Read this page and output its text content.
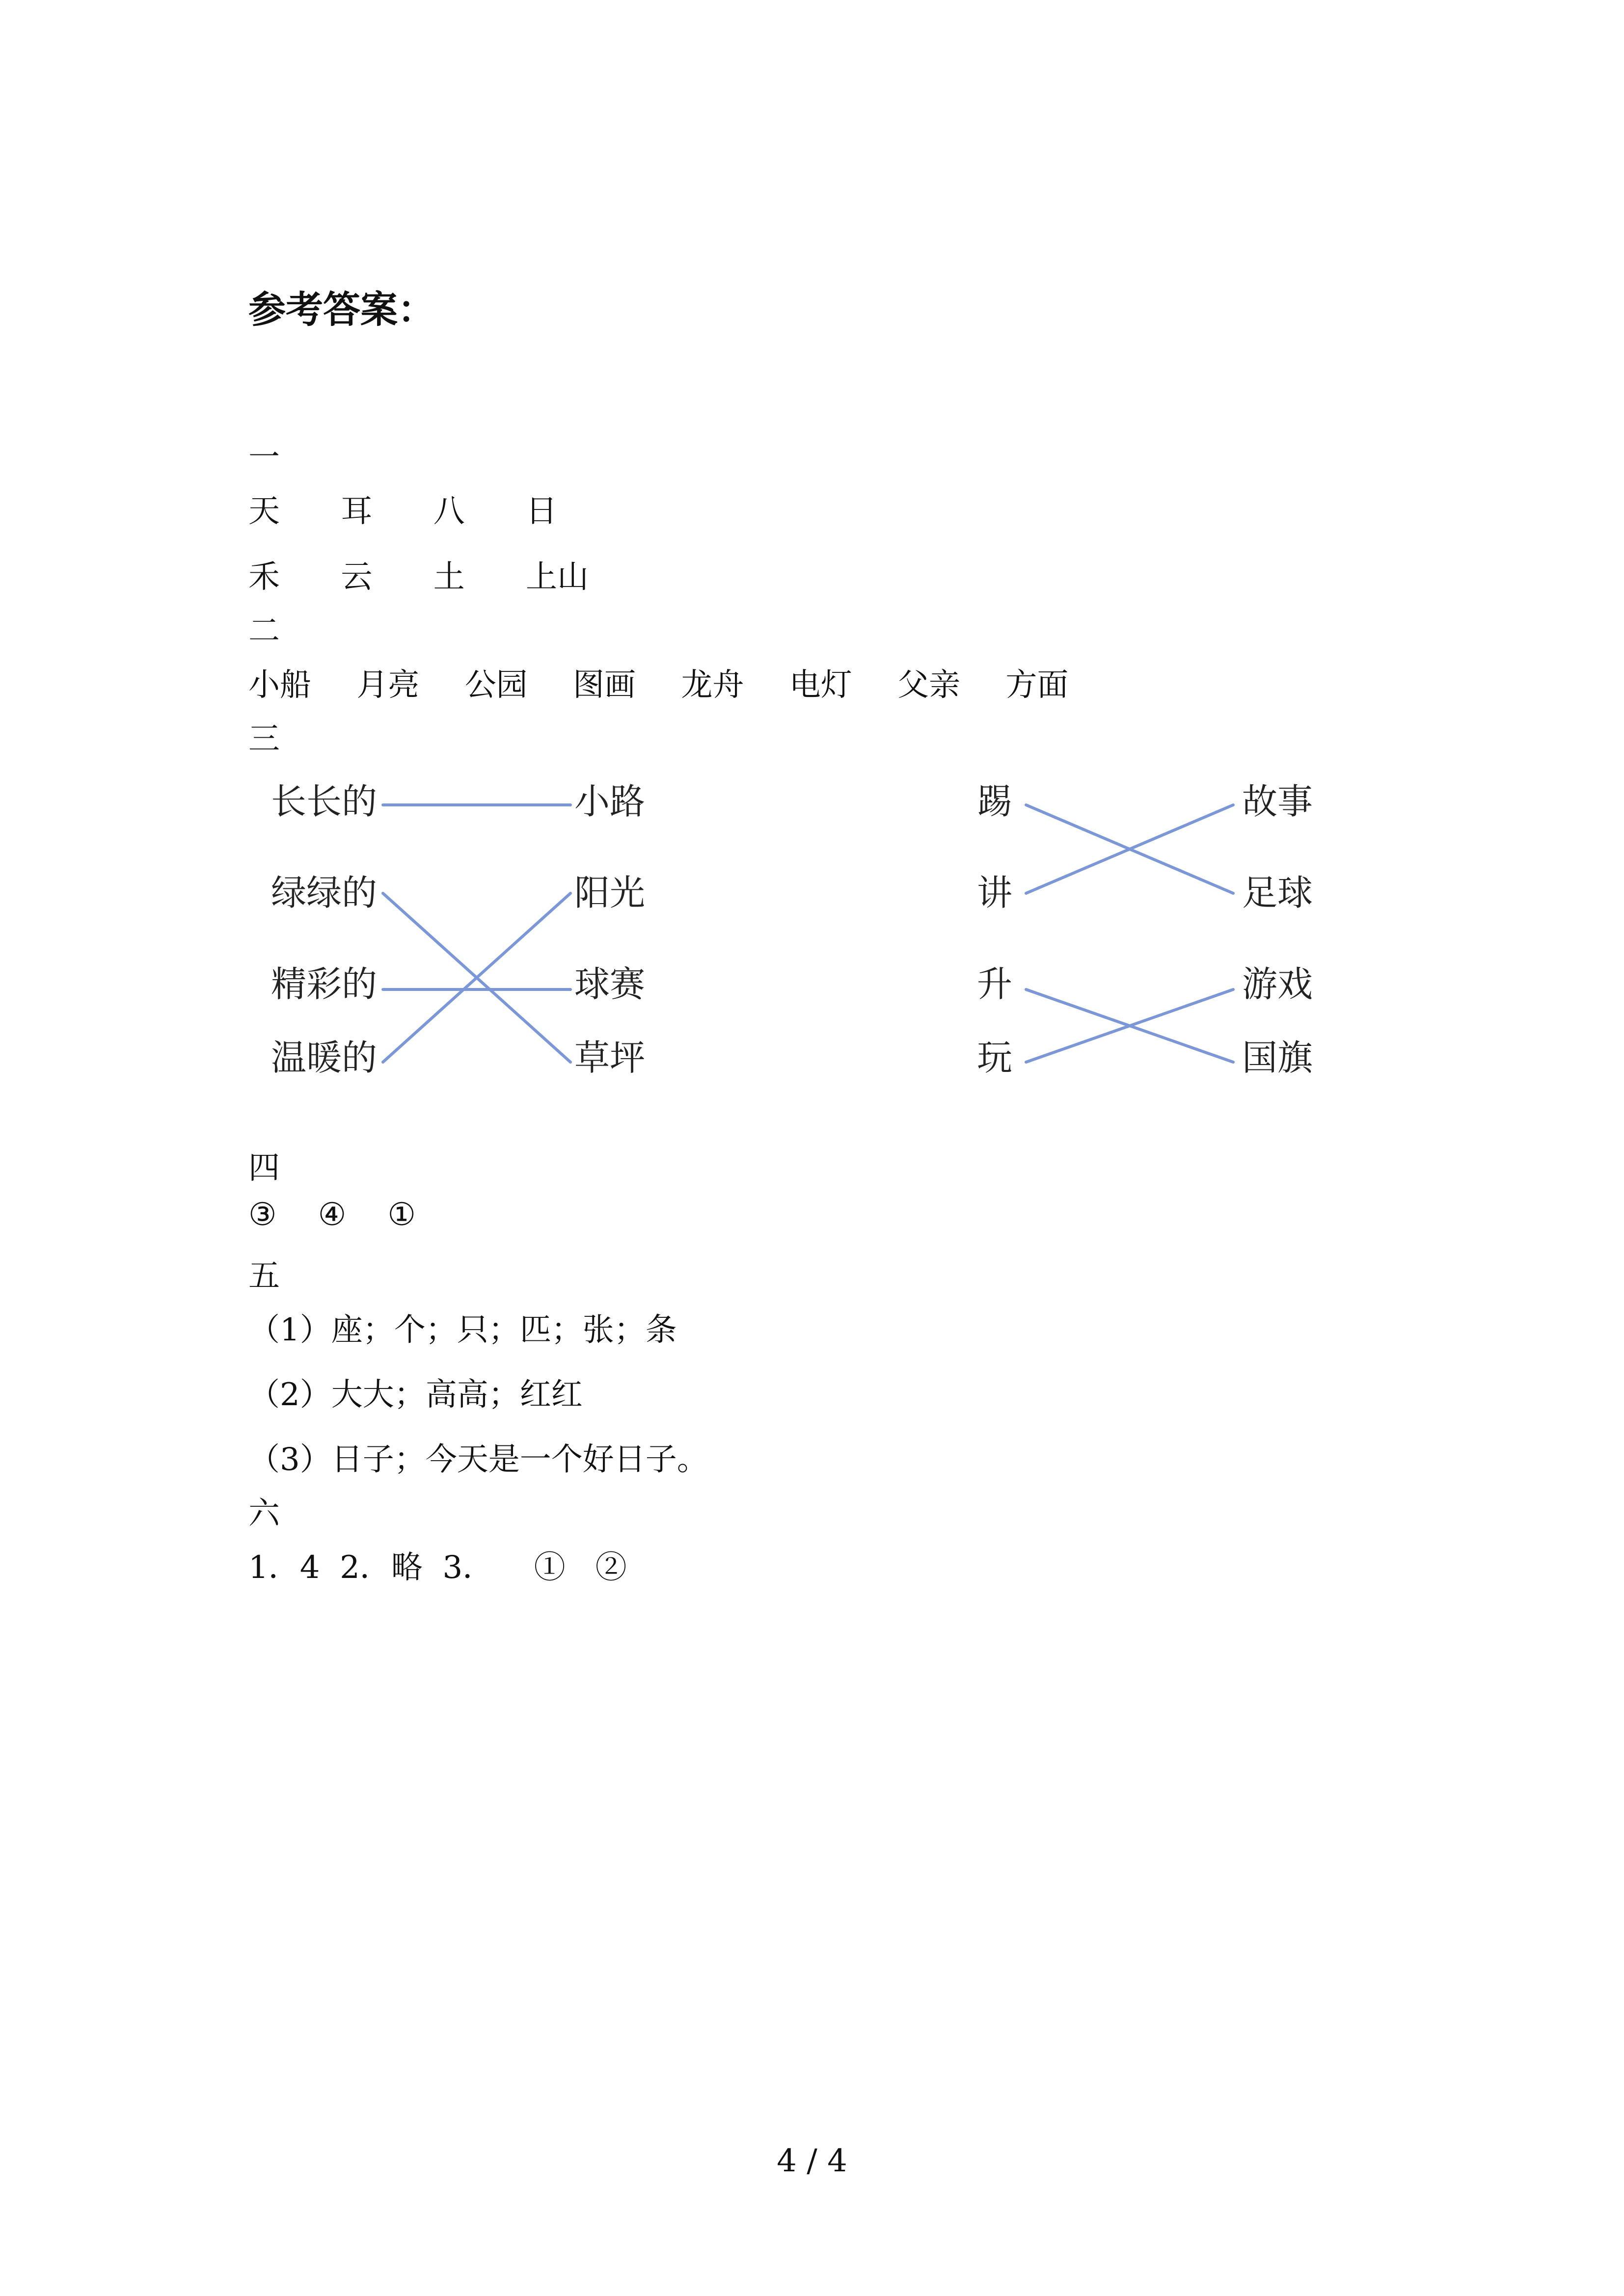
参考答案：
一
天 耳 八 日
禾 云 土 上山
二
小船 月亮 公园 图画 龙舟 电灯 父亲 方面
三
长长的
绿绿的
精彩的
温暖的
小路
阳光
球赛
草坪
踢
讲
升
玩
故事
足球
游戏
国旗
四
③ ④ ①
五
（1）座；个；只；匹；张；条
（2）大大；高高；红红
（3）日子；今天是一个好日子。
六
1．4  2．略  3．    ①   ②
4 / 4
